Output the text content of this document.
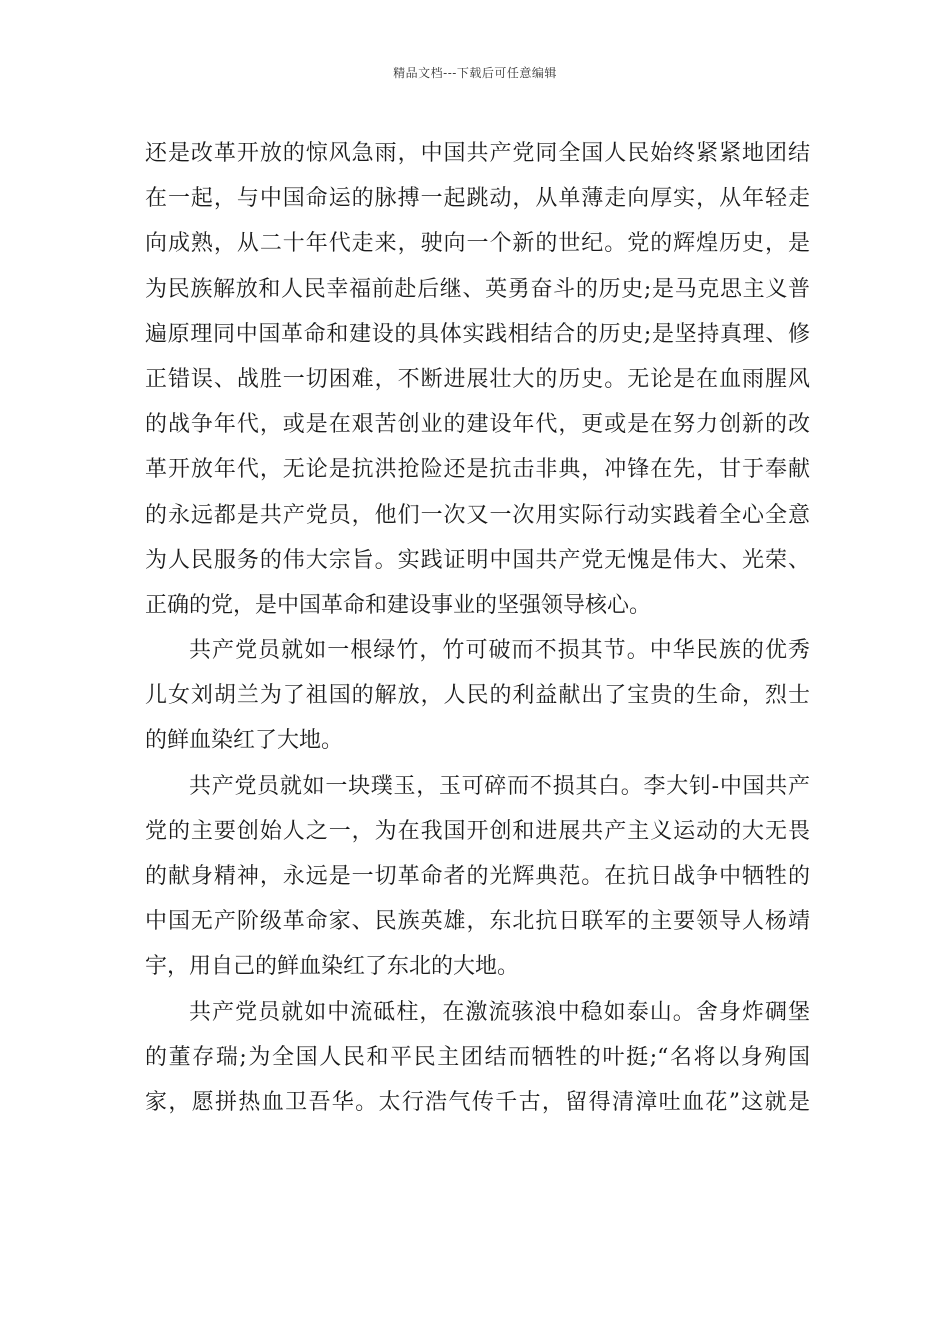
精品文档---下载后可任意编辑
还是改革开放的惊风急雨，中国共产党同全国人民始终紧紧地团结
在一起，与中国命运的脉搏一起跳动，从单薄走向厚实，从年轻走
向成熟，从二十年代走来，驶向一个新的世纪。党的辉煌历史，是
为民族解放和人民幸福前赴后继、英勇奋斗的历史;是马克思主义普
遍原理同中国革命和建设的具体实践相结合的历史;是坚持真理、修
正错误、战胜一切困难，不断进展壮大的历史。无论是在血雨腥风
的战争年代，或是在艰苦创业的建设年代，更或是在努力创新的改
革开放年代，无论是抗洪抢险还是抗击非典，冲锋在先，甘于奉献
的永远都是共产党员，他们一次又一次用实际行动实践着全心全意
为人民服务的伟大宗旨。实践证明中国共产党无愧是伟大、光荣、
正确的党，是中国革命和建设事业的坚强领导核心。
共产党员就如一根绿竹，竹可破而不损其节。中华民族的优秀
儿女刘胡兰为了祖国的解放，人民的利益献出了宝贵的生命，烈士
的鲜血染红了大地。
共产党员就如一块璞玉，玉可碎而不损其白。李大钊-中国共产
党的主要创始人之一，为在我国开创和进展共产主义运动的大无畏
的献身精神，永远是一切革命者的光辉典范。在抗日战争中牺牲的
中国无产阶级革命家、民族英雄，东北抗日联军的主要领导人杨靖
宇，用自己的鲜血染红了东北的大地。
共产党员就如中流砥柱，在激流骇浪中稳如泰山。舍身炸碉堡
的董存瑞;为全国人民和平民主团结而牺牲的叶挺;“名将以身殉国
家，愿拼热血卫吾华。太行浩气传千古，留得清漳吐血花”这就是
